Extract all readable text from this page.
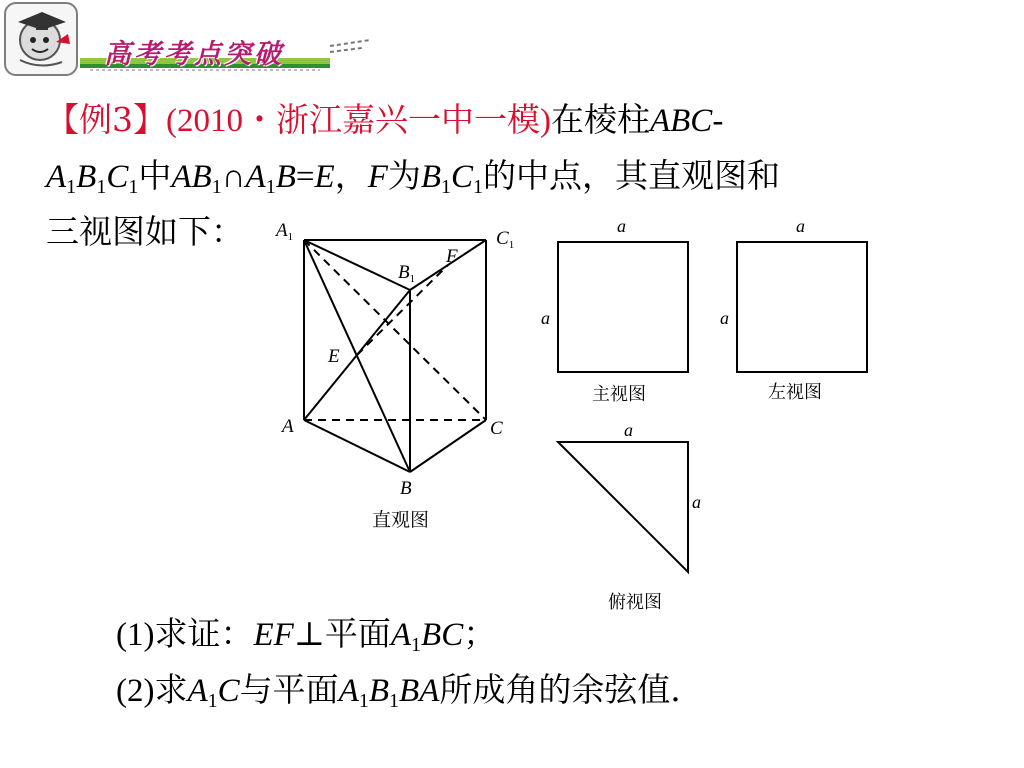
高考考点突破
【例3】(2010・浙江嘉兴一中一模)在棱柱ABC-
$A_1B_1C_1$中$AB_1\cap A_1B=E$，F为$B_1C_1$的中点，其直观图和
三视图如下：	$A_1$	$C_1$
$B_1$
F
E
A	C
B
直观图
a
a
主视图
a
a
左视图
a
a
俯视图
(1)求证：EF⊥平面$A_1BC$；
(2)求$A_1C$与平面$A_1B_1BA$所成角的余弦值．
